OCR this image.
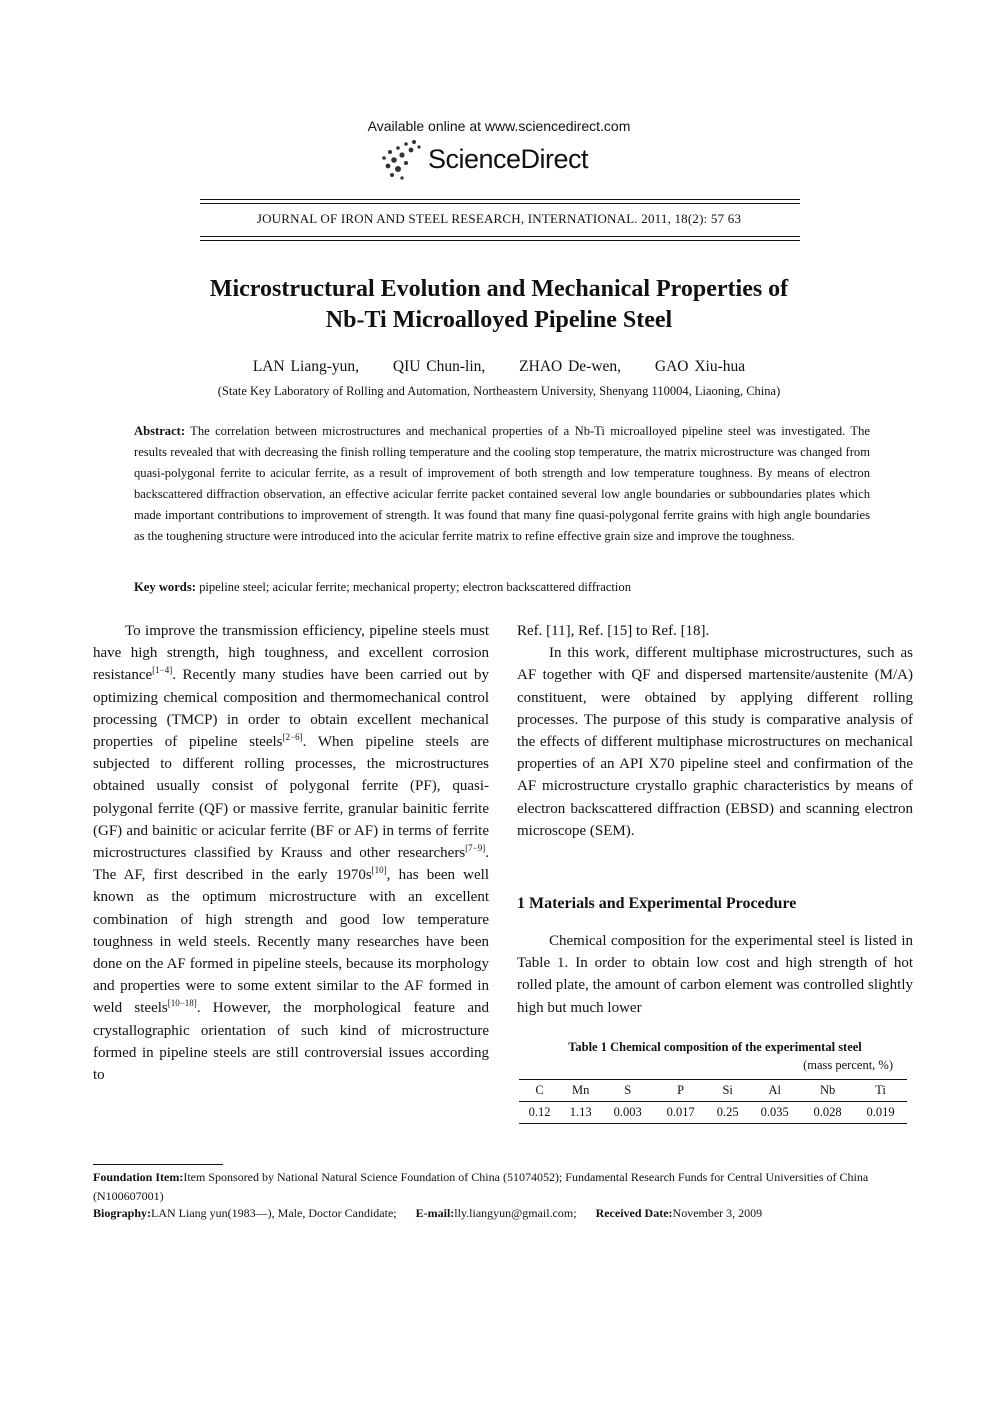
Available online at www.sciencedirect.com
ScienceDirect
JOURNAL OF IRON AND STEEL RESEARCH, INTERNATIONAL. 2011, 18(2): 57 63
Microstructural Evolution and Mechanical Properties of
Nb-Ti Microalloyed Pipeline Steel
LAN Liang-yun, QIU Chun-lin, ZHAO De-wen, GAO Xiu-hua
(State Key Laboratory of Rolling and Automation, Northeastern University, Shenyang 110004, Liaoning, China)
Abstract: The correlation between microstructures and mechanical properties of a Nb-Ti microalloyed pipeline steel was investigated. The results revealed that with decreasing the finish rolling temperature and the cooling stop temperature, the matrix microstructure was changed from quasi-polygonal ferrite to acicular ferrite, as a result of improvement of both strength and low temperature toughness. By means of electron backscattered diffraction observation, an effective acicular ferrite packet contained several low angle boundaries or subboundaries plates which made important contributions to improvement of strength. It was found that many fine quasi-polygonal ferrite grains with high angle boundaries as the toughening structure were introduced into the acicular ferrite matrix to refine effective grain size and improve the toughness.
Key words: pipeline steel; acicular ferrite; mechanical property; electron backscattered diffraction

To improve the transmission efficiency, pipeline steels must have high strength, high toughness, and excellent corrosion resistance[1−4]. Recently many studies have been carried out by optimizing chemical composition and thermomechanical control processing (TMCP) in order to obtain excellent mechanical properties of pipeline steels[2−6]. When pipeline steels are subjected to different rolling processes, the microstructures obtained usually consist of polygonal ferrite (PF), quasi-polygonal ferrite (QF) or massive ferrite, granular bainitic ferrite (GF) and bainitic or acicular ferrite (BF or AF) in terms of ferrite microstructures classified by Krauss and other researchers[7−9]. The AF, first described in the early 1970s[10], has been well known as the optimum microstructure with an excellent combination of high strength and good low temperature toughness in weld steels. Recently many researches have been done on the AF formed in pipeline steels, because its morphology and properties were to some extent similar to the AF formed in weld steels[10−18]. However, the morphological feature and crystallographic orientation of such kind of microstructure formed in pipeline steels are still controversial issues according to

Ref. [11], Ref. [15] to Ref. [18].

In this work, different multiphase microstructures, such as AF together with QF and dispersed martensite/austenite (M/A) constituent, were obtained by applying different rolling processes. The purpose of this study is comparative analysis of the effects of different multiphase microstructures on mechanical properties of an API X70 pipeline steel and confirmation of the AF microstructure crystallo graphic characteristics by means of electron backscattered diffraction (EBSD) and scanning electron microscope (SEM).

1 Materials and Experimental Procedure

Chemical composition for the experimental steel is listed in Table 1. In order to obtain low cost and high strength of hot rolled plate, the amount of carbon element was controlled slightly high but much lower

Table 1 Chemical composition of the experimental steel
(mass percent, %)
C	Mn	S	P	Si	Al	Nb	Ti
0.12	1.13	0.003	0.017	0.25	0.035	0.028	0.019
Foundation Item:Item Sponsored by National Natural Science Foundation of China (51074052); Fundamental Research Funds for Central Universities of China (N100607001)
Biography:LAN Liang yun(1983—), Male, Doctor Candidate; E-mail:lly.liangyun@gmail.com; Received Date:November 3, 2009
